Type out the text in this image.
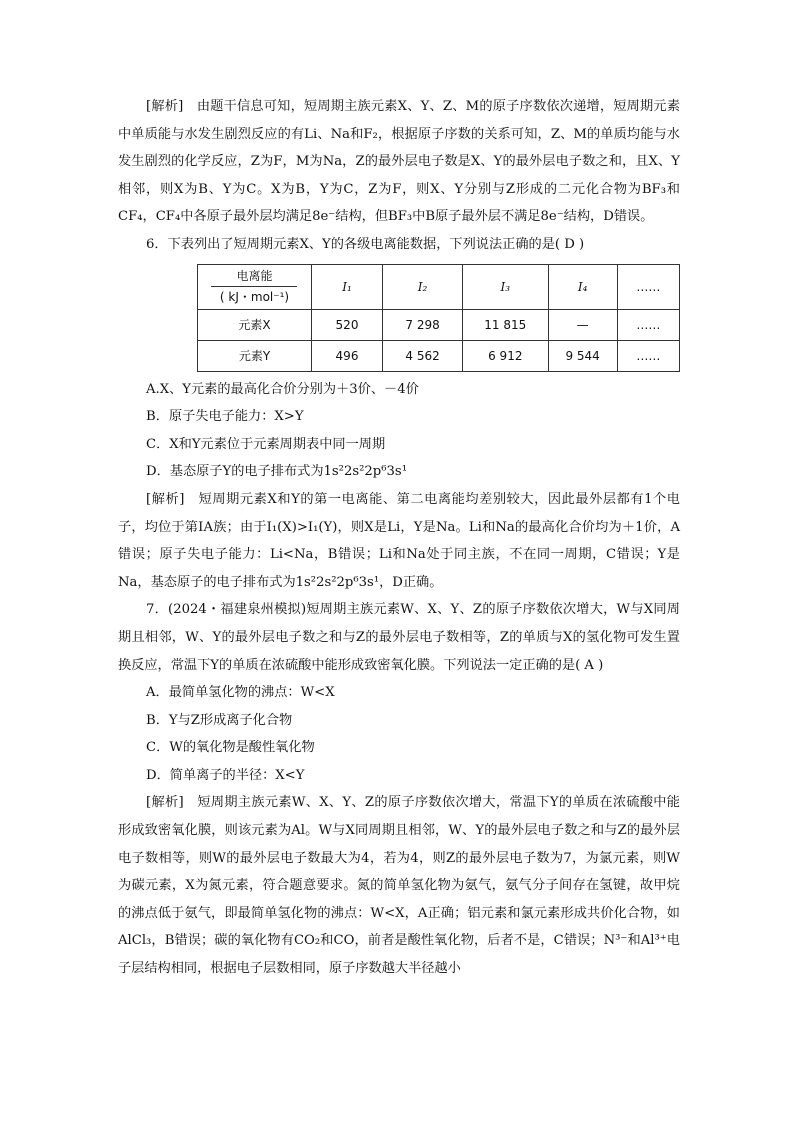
[解析]　由题干信息可知，短周期主族元素X、Y、Z、M的原子序数依次递增，短周期元素中单质能与水发生剧烈反应的有Li、Na和F₂，根据原子序数的关系可知，Z、M的单质均能与水发生剧烈的化学反应，Z为F，M为Na，Z的最外层电子数是X、Y的最外层电子数之和，且X、Y相邻，则X为B、Y为C。X为B，Y为C，Z为F，则X、Y分别与Z形成的二元化合物为BF₃和CF₄，CF₄中各原子最外层均满足8e⁻结构，但BF₃中B原子最外层不满足8e⁻结构，D错误。

6．下表列出了短周期元素X、Y的各级电离能数据，下列说法正确的是( D )

电离能
( kJ・mol⁻¹)	I₁	I₂	I₃	I₄	……
元素X	520	7 298	11 815	—	……
元素Y	496	4 562	6 912	9 544	……

A.X、Y元素的最高化合价分别为＋3价、－4价

B．原子失电子能力：X>Y

C．X和Y元素位于元素周期表中同一周期

D．基态原子Y的电子排布式为1s²2s²2p⁶3s¹

[解析]　短周期元素X和Y的第一电离能、第二电离能均差别较大，因此最外层都有1个电子，均位于第ⅠA族；由于I₁(X)>I₁(Y)，则X是Li，Y是Na。Li和Na的最高化合价均为＋1价，A错误；原子失电子能力：Li<Na，B错误；Li和Na处于同主族，不在同一周期，C错误；Y是Na，基态原子的电子排布式为1s²2s²2p⁶3s¹，D正确。

7．(2024・福建泉州模拟)短周期主族元素W、X、Y、Z的原子序数依次增大，W与X同周期且相邻，W、Y的最外层电子数之和与Z的最外层电子数相等，Z的单质与X的氢化物可发生置换反应，常温下Y的单质在浓硫酸中能形成致密氧化膜。下列说法一定正确的是( A )

A．最简单氢化物的沸点：W<X

B．Y与Z形成离子化合物

C．W的氧化物是酸性氧化物

D．简单离子的半径：X<Y

[解析]　短周期主族元素W、X、Y、Z的原子序数依次增大，常温下Y的单质在浓硫酸中能形成致密氧化膜，则该元素为Al。W与X同周期且相邻，W、Y的最外层电子数之和与Z的最外层电子数相等，则W的最外层电子数最大为4，若为4，则Z的最外层电子数为7，为氯元素，则W为碳元素，X为氮元素，符合题意要求。氮的简单氢化物为氨气，氨气分子间存在氢键，故甲烷的沸点低于氨气，即最简单氢化物的沸点：W<X，A正确；铝元素和氯元素形成共价化合物，如AlCl₃，B错误；碳的氧化物有CO₂和CO，前者是酸性氧化物，后者不是，C错误；N³⁻和Al³⁺电子层结构相同，根据电子层数相同，原子序数越大半径越小
